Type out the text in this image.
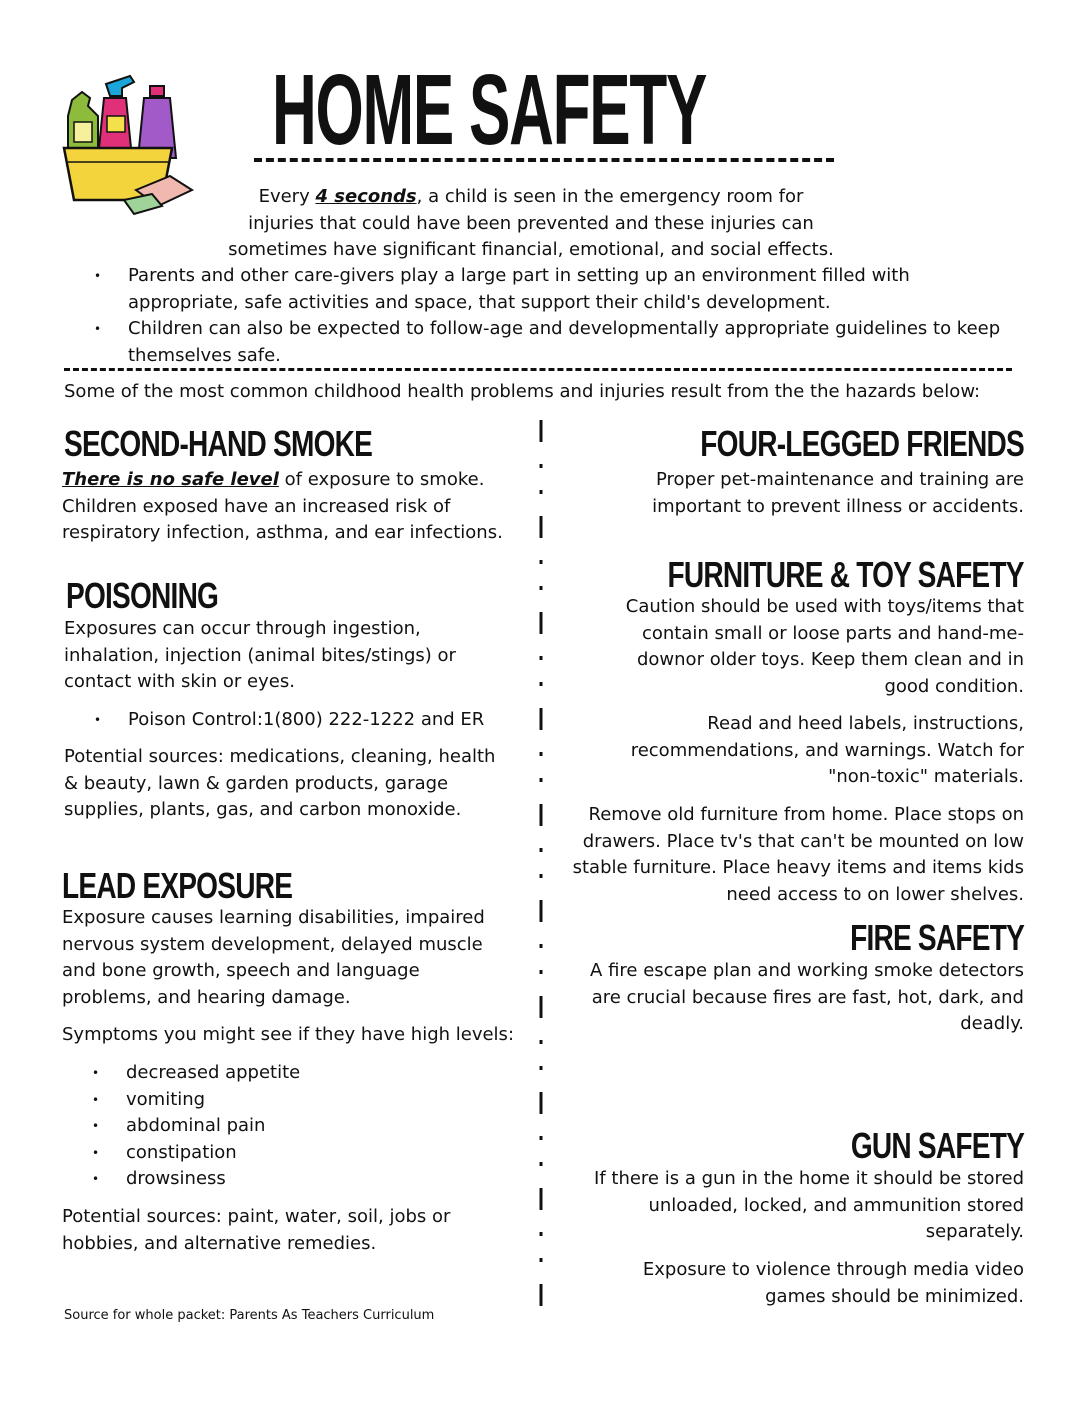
HOME SAFETY
Every 4 seconds, a child is seen in the emergency room for injuries that could have been prevented and these injuries can sometimes have significant financial, emotional, and social effects.
• Parents and other care-givers play a large part in setting up an environment filled with appropriate, safe activities and space, that support their child's development.
• Children can also be expected to follow-age and developmentally appropriate guidelines to keep themselves safe.
Some of the most common childhood health problems and injuries result from the the hazards below:
SECOND-HAND SMOKE
There is no safe level of exposure to smoke. Children exposed have an increased risk of respiratory infection, asthma, and ear infections.
POISONING
Exposures can occur through ingestion, inhalation, injection (animal bites/stings) or contact with skin or eyes.
• Poison Control:1(800) 222-1222 and ER
Potential sources: medications, cleaning, health & beauty, lawn & garden products, garage supplies, plants, gas, and carbon monoxide.
LEAD EXPOSURE
Exposure causes learning disabilities, impaired nervous system development, delayed muscle and bone growth, speech and language problems, and hearing damage.
Symptoms you might see if they have high levels:
• decreased appetite
• vomiting
• abdominal pain
• constipation
• drowsiness
Potential sources: paint, water, soil, jobs or hobbies, and alternative remedies.
Source for whole packet: Parents As Teachers Curriculum
FOUR-LEGGED FRIENDS
Proper pet-maintenance and training are important to prevent illness or accidents.
FURNITURE & TOY SAFETY
Caution should be used with toys/items that contain small or loose parts and hand-me-downor older toys. Keep them clean and in good condition.
Read and heed labels, instructions, recommendations, and warnings. Watch for "non-toxic" materials.
Remove old furniture from home. Place stops on drawers. Place tv's that can't be mounted on low stable furniture. Place heavy items and items kids need access to on lower shelves.
FIRE SAFETY
A fire escape plan and working smoke detectors are crucial because fires are fast, hot, dark, and deadly.
GUN SAFETY
If there is a gun in the home it should be stored unloaded, locked, and ammunition stored separately.
Exposure to violence through media video games should be minimized.
